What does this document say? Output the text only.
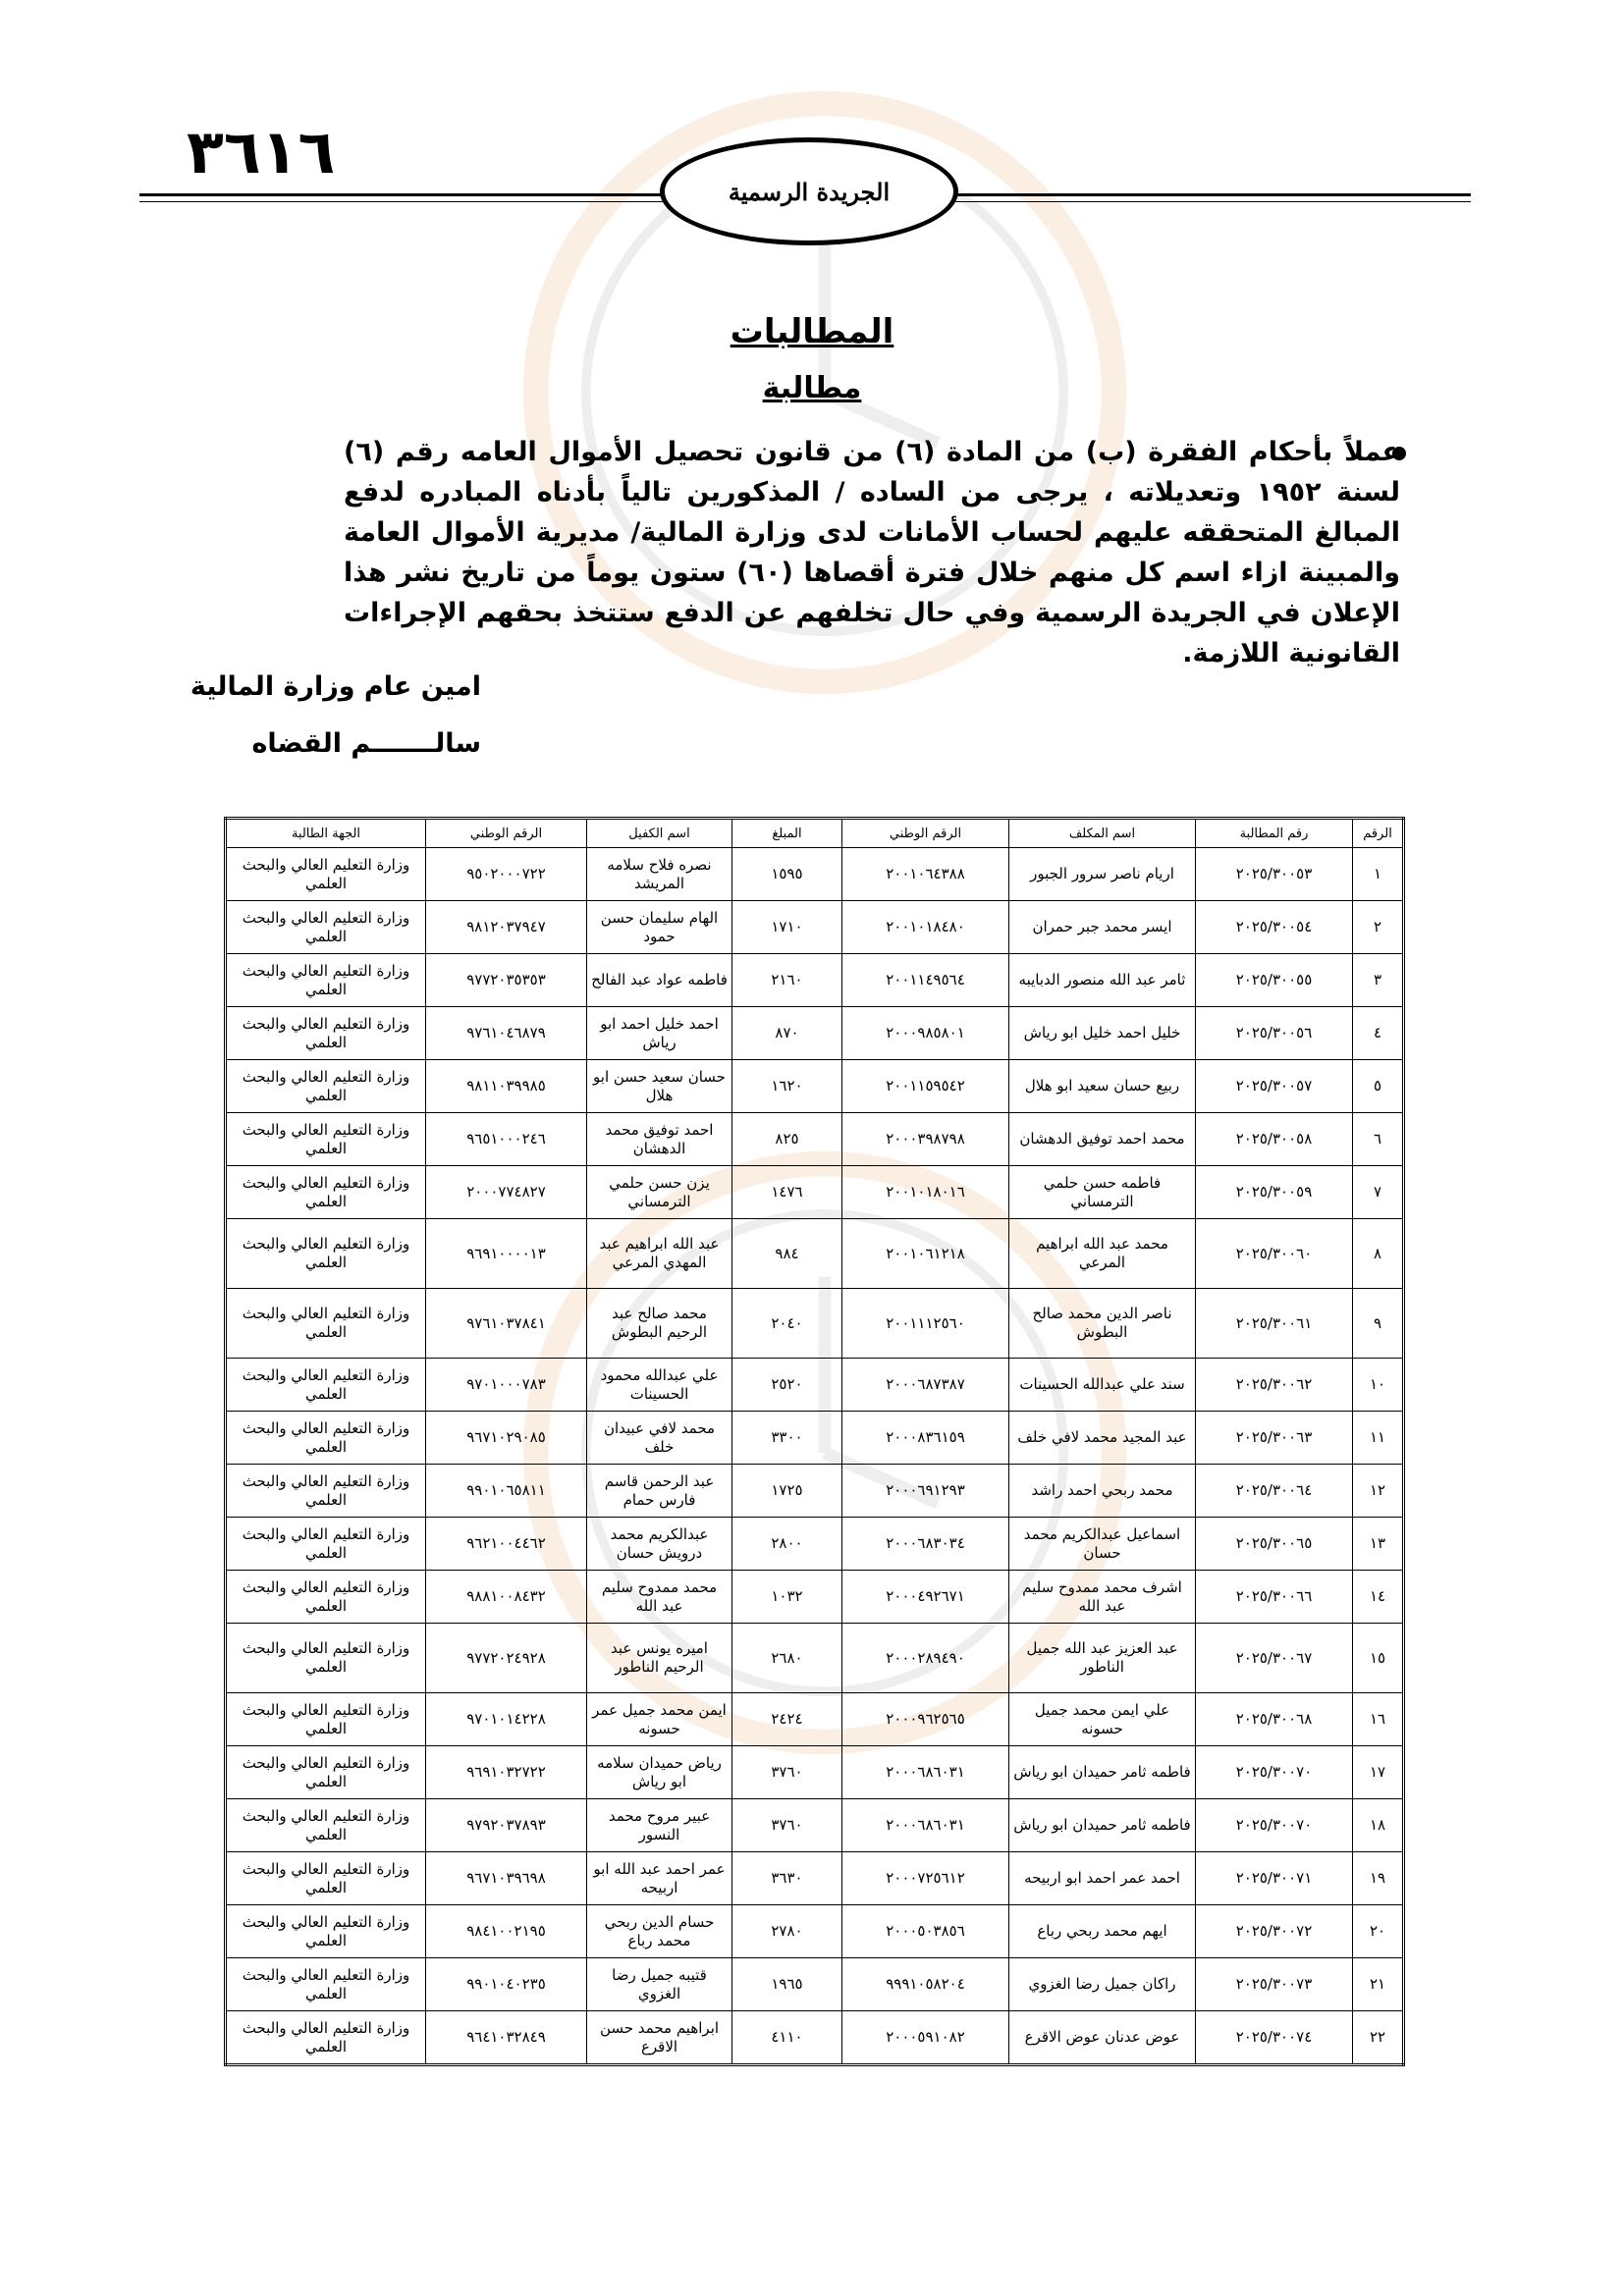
٣٦١٦
الجريدة الرسمية
المطالبات
مطالبة
عملاً بأحكام الفقرة (ب) من المادة (٦) من قانون تحصيل الأموال العامه رقم (٦) لسنة ١٩٥٢ وتعديلاته ، يرجى من الساده / المذكورين تالياً بأدناه المبادره لدفع المبالغ المتحققه عليهم لحساب الأمانات لدى وزارة المالية/ مديرية الأموال العامة والمبينة ازاء اسم كل منهم خلال فترة أقصاها (٦٠) ستون يوماً من تاريخ نشر هذا الإعلان في الجريدة الرسمية وفي حال تخلفهم عن الدفع ستتخذ بحقهم الإجراءات القانونية اللازمة.
امين عام وزارة المالية
سالـــــــم القضاه
الرقم	رقم المطالبة	اسم المكلف	الرقم الوطني	المبلغ	اسم الكفيل	الرقم الوطني	الجهة الطالبة
١	٢٠٢٥/٣٠٠٥٣	اريام ناصر سرور الجبور	٢٠٠١٠٦٤٣٨٨	١٥٩٥	نصره فلاح سلامه المريشد	٩٥٠٢٠٠٠٧٢٢	وزارة التعليم العالي والبحث العلمي
٢	٢٠٢٥/٣٠٠٥٤	ايسر محمد جبر حمران	٢٠٠١٠١٨٤٨٠	١٧١٠	الهام سليمان حسن حمود	٩٨١٢٠٣٧٩٤٧	وزارة التعليم العالي والبحث العلمي
٣	٢٠٢٥/٣٠٠٥٥	ثامر عبد الله منصور الدبايبه	٢٠٠١١٤٩٥٦٤	٢١٦٠	فاطمه عواد عبد الفالح	٩٧٧٢٠٣٥٣٥٣	وزارة التعليم العالي والبحث العلمي
٤	٢٠٢٥/٣٠٠٥٦	خليل احمد خليل ابو رياش	٢٠٠٠٩٨٥٨٠١	٨٧٠	احمد خليل احمد ابو رياش	٩٧٦١٠٤٦٨٧٩	وزارة التعليم العالي والبحث العلمي
٥	٢٠٢٥/٣٠٠٥٧	ربيع حسان سعيد ابو هلال	٢٠٠١١٥٩٥٤٢	١٦٢٠	حسان سعيد حسن ابو هلال	٩٨١١٠٣٩٩٨٥	وزارة التعليم العالي والبحث العلمي
٦	٢٠٢٥/٣٠٠٥٨	محمد احمد توفيق الدهشان	٢٠٠٠٣٩٨٧٩٨	٨٢٥	احمد توفيق محمد الدهشان	٩٦٥١٠٠٠٢٤٦	وزارة التعليم العالي والبحث العلمي
٧	٢٠٢٥/٣٠٠٥٩	فاطمه حسن حلمي الترمساني	٢٠٠١٠١٨٠١٦	١٤٧٦	يزن حسن حلمي الترمساني	٢٠٠٠٧٧٤٨٢٧	وزارة التعليم العالي والبحث العلمي
٨	٢٠٢٥/٣٠٠٦٠	محمد عبد الله ابراهيم المرعي	٢٠٠١٠٦١٢١٨	٩٨٤	عبد الله ابراهيم عبد المهدي المرعي	٩٦٩١٠٠٠٠١٣	وزارة التعليم العالي والبحث العلمي
٩	٢٠٢٥/٣٠٠٦١	ناصر الدين محمد صالح البطوش	٢٠٠١١١٢٥٦٠	٢٠٤٠	محمد صالح عبد الرحيم البطوش	٩٧٦١٠٣٧٨٤١	وزارة التعليم العالي والبحث العلمي
١٠	٢٠٢٥/٣٠٠٦٢	سند علي عبدالله الحسينات	٢٠٠٠٦٨٧٣٨٧	٢٥٢٠	علي عبدالله محمود الحسينات	٩٧٠١٠٠٠٧٨٣	وزارة التعليم العالي والبحث العلمي
١١	٢٠٢٥/٣٠٠٦٣	عبد المجيد محمد لافي خلف	٢٠٠٠٨٣٦١٥٩	٣٣٠٠	محمد لافي عبيدان خلف	٩٦٧١٠٢٩٠٨٥	وزارة التعليم العالي والبحث العلمي
١٢	٢٠٢٥/٣٠٠٦٤	محمد ربحي احمد راشد	٢٠٠٠٦٩١٢٩٣	١٧٢٥	عبد الرحمن قاسم فارس حمام	٩٩٠١٠٦٥٨١١	وزارة التعليم العالي والبحث العلمي
١٣	٢٠٢٥/٣٠٠٦٥	اسماعيل عبدالكريم محمد حسان	٢٠٠٠٦٨٣٠٣٤	٢٨٠٠	عبدالكريم محمد درويش حسان	٩٦٢١٠٠٤٤٦٢	وزارة التعليم العالي والبحث العلمي
١٤	٢٠٢٥/٣٠٠٦٦	اشرف محمد ممدوح سليم عبد الله	٢٠٠٠٤٩٢٦٧١	١٠٣٢	محمد ممدوح سليم عبد الله	٩٨٨١٠٠٨٤٣٢	وزارة التعليم العالي والبحث العلمي
١٥	٢٠٢٥/٣٠٠٦٧	عبد العزيز عبد الله جميل الناطور	٢٠٠٠٢٨٩٤٩٠	٢٦٨٠	اميره يونس عبد الرحيم الناطور	٩٧٧٢٠٢٤٩٢٨	وزارة التعليم العالي والبحث العلمي
١٦	٢٠٢٥/٣٠٠٦٨	علي ايمن محمد جميل حسونه	٢٠٠٠٩٦٢٥٦٥	٢٤٢٤	ايمن محمد جميل عمر حسونه	٩٧٠١٠١٤٢٢٨	وزارة التعليم العالي والبحث العلمي
١٧	٢٠٢٥/٣٠٠٧٠	فاطمه ثامر حميدان ابو رياش	٢٠٠٠٦٨٦٠٣١	٣٧٦٠	رياض حميدان سلامه ابو رياش	٩٦٩١٠٣٢٧٢٢	وزارة التعليم العالي والبحث العلمي
١٨	٢٠٢٥/٣٠٠٧٠	فاطمه ثامر حميدان ابو رياش	٢٠٠٠٦٨٦٠٣١	٣٧٦٠	عبير مروح محمد النسور	٩٧٩٢٠٣٧٨٩٣	وزارة التعليم العالي والبحث العلمي
١٩	٢٠٢٥/٣٠٠٧١	احمد عمر احمد ابو اربيحه	٢٠٠٠٧٢٥٦١٢	٣٦٣٠	عمر احمد عبد الله ابو اربيحه	٩٦٧١٠٣٩٦٩٨	وزارة التعليم العالي والبحث العلمي
٢٠	٢٠٢٥/٣٠٠٧٢	ايهم محمد ربحي رباع	٢٠٠٠٥٠٣٨٥٦	٢٧٨٠	حسام الدين ربحي محمد رباع	٩٨٤١٠٠٢١٩٥	وزارة التعليم العالي والبحث العلمي
٢١	٢٠٢٥/٣٠٠٧٣	راكان جميل رضا الغزوي	٩٩٩١٠٥٨٢٠٤	١٩٦٥	قتيبه جميل رضا الغزوي	٩٩٠١٠٤٠٢٣٥	وزارة التعليم العالي والبحث العلمي
٢٢	٢٠٢٥/٣٠٠٧٤	عوض عدنان عوض الاقرع	٢٠٠٠٥٩١٠٨٢	٤١١٠	ابراهيم محمد حسن الاقرع	٩٦٤١٠٣٢٨٤٩	وزارة التعليم العالي والبحث العلمي
